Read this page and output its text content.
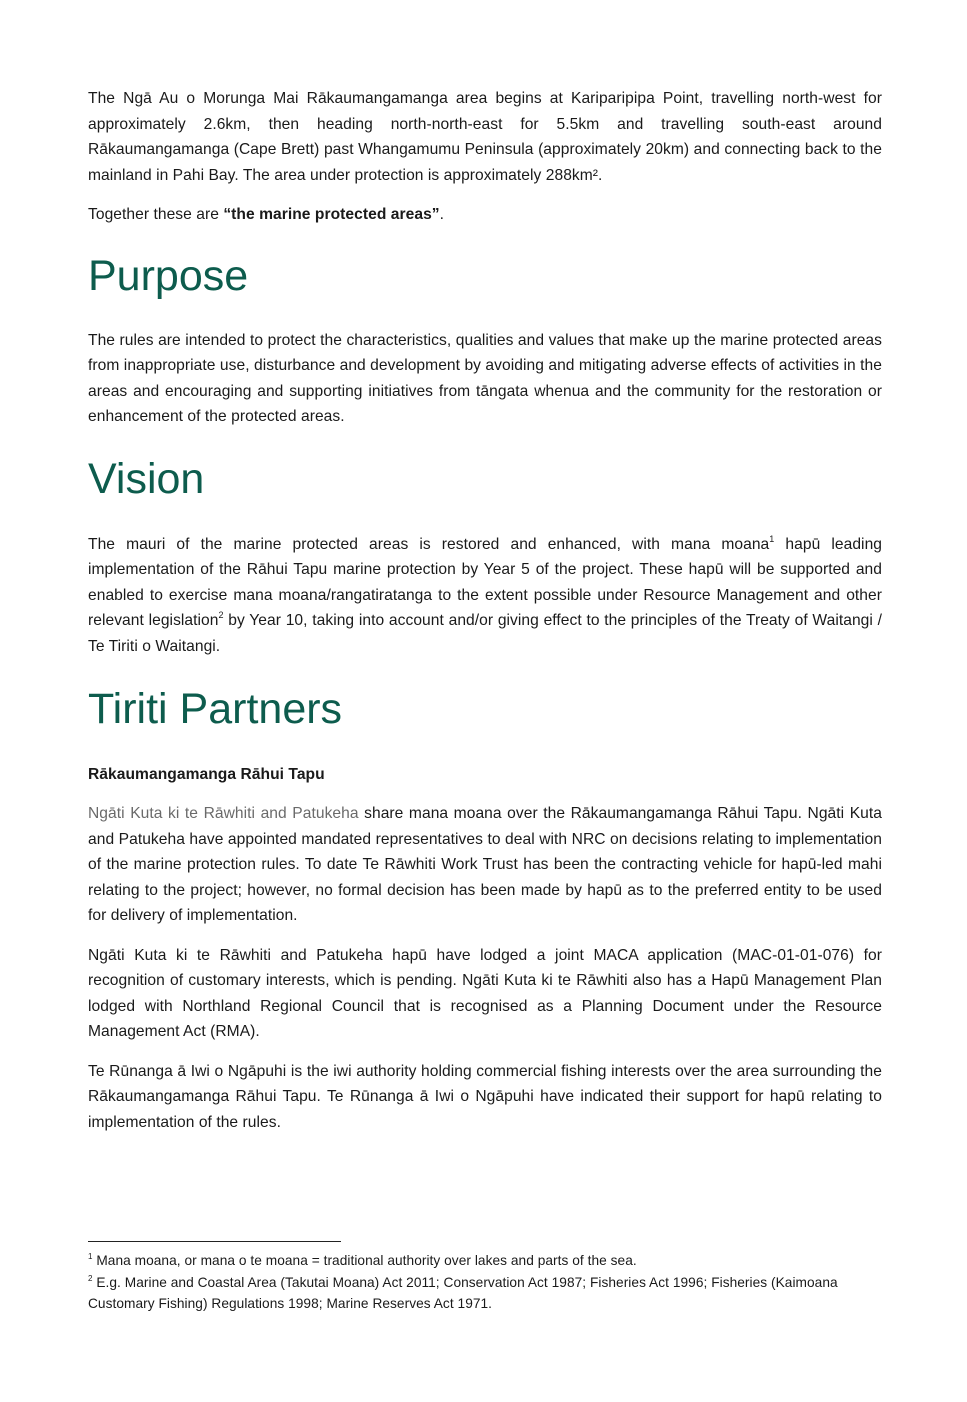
The Ngā Au o Morunga Mai Rākaumangamanga area begins at Kariparipipa Point, travelling north-west for approximately 2.6km, then heading north-north-east for 5.5km and travelling south-east around Rākaumangamanga (Cape Brett) past Whangamumu Peninsula (approximately 20km) and connecting back to the mainland in Pahi Bay. The area under protection is approximately 288km².

Together these are “the marine protected areas”.

Purpose

The rules are intended to protect the characteristics, qualities and values that make up the marine protected areas from inappropriate use, disturbance and development by avoiding and mitigating adverse effects of activities in the areas and encouraging and supporting initiatives from tāngata whenua and the community for the restoration or enhancement of the protected areas.

Vision

The mauri of the marine protected areas is restored and enhanced, with mana moana$^1$ hapū leading implementation of the Rāhui Tapu marine protection by Year 5 of the project. These hapū will be supported and enabled to exercise mana moana/rangatiratanga to the extent possible under Resource Management and other relevant legislation$^2$ by Year 10, taking into account and/or giving effect to the principles of the Treaty of Waitangi / Te Tiriti o Waitangi.

Tiriti Partners

Rākaumangamanga Rāhui Tapu

Ngāti Kuta ki te Rāwhiti and Patukeha share mana moana over the Rākaumangamanga Rāhui Tapu. Ngāti Kuta and Patukeha have appointed mandated representatives to deal with NRC on decisions relating to implementation of the marine protection rules. To date Te Rāwhiti Work Trust has been the contracting vehicle for hapū-led mahi relating to the project; however, no formal decision has been made by hapū as to the preferred entity to be used for delivery of implementation.

Ngāti Kuta ki te Rāwhiti and Patukeha hapū have lodged a joint MACA application (MAC-01-01-076) for recognition of customary interests, which is pending. Ngāti Kuta ki te Rāwhiti also has a Hapū Management Plan lodged with Northland Regional Council that is recognised as a Planning Document under the Resource Management Act (RMA).

Te Rūnanga ā Iwi o Ngāpuhi is the iwi authority holding commercial fishing interests over the area surrounding the Rākaumangamanga Rāhui Tapu. Te Rūnanga ā Iwi o Ngāpuhi have indicated their support for hapū relating to implementation of the rules.

$^1$ Mana moana, or mana o te moana = traditional authority over lakes and parts of the sea.

$^2$ E.g. Marine and Coastal Area (Takutai Moana) Act 2011; Conservation Act 1987; Fisheries Act 1996; Fisheries (Kaimoana Customary Fishing) Regulations 1998; Marine Reserves Act 1971.
